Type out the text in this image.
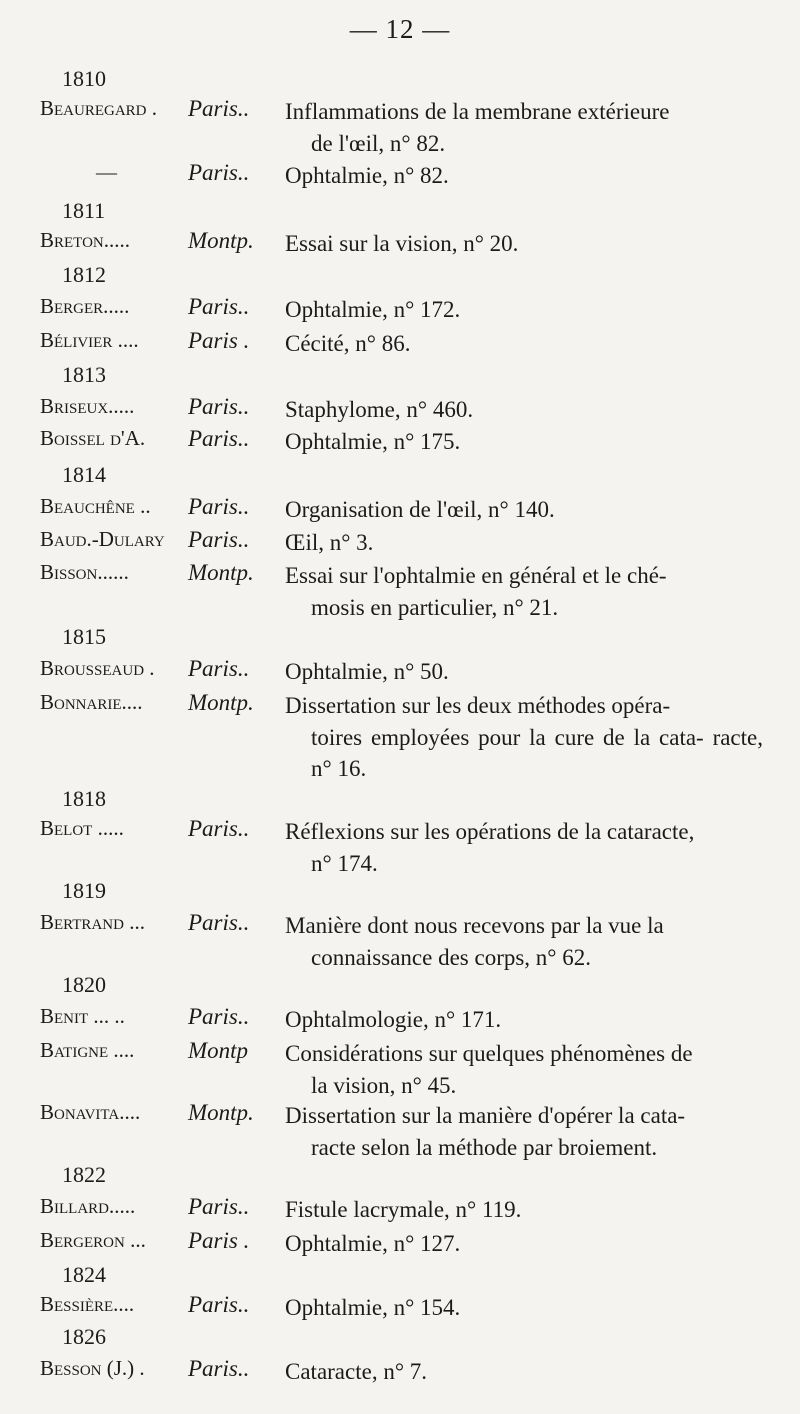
— 12 —
1810
Beauregard .	Paris..	Inflammations de la membrane extérieure
de l'œil, n° 82.
—	Paris..	Ophtalmie, n° 82.
1811
Breton.....	Montp.	Essai sur la vision, n° 20.
1812
Berger.....	Paris..	Ophtalmie, n° 172.
Bélivier ....	Paris .	Cécité, n° 86.
1813
Briseux.....	Paris..	Staphylome, n° 460.
Boissel d'A.	Paris..	Ophtalmie, n° 175.
1814
Beauchêne ..	Paris..	Organisation de l'œil, n° 140.
Baud.-Dulary	Paris..	Œil, n° 3.
Bisson......	Montp.	Essai sur l'ophtalmie en général et le ché-
mosis en particulier, n° 21.
1815
Brousseaud .	Paris..	Ophtalmie, n° 50.
Bonnarie....	Montp.	Dissertation sur les deux méthodes opéra-
toires employées pour la cure de la cata- racte, n° 16.
1818
Belot .....	Paris..	Réflexions sur les opérations de la cataracte,
n° 174.
1819
Bertrand ...	Paris..	Manière dont nous recevons par la vue la
connaissance des corps, n° 62.
1820
Benit ... ..	Paris..	Ophtalmologie, n° 171.
Batigne ....	Montp	Considérations sur quelques phénomènes de
la vision, n° 45.
Bonavita....	Montp.	Dissertation sur la manière d'opérer la cata-
racte selon la méthode par broiement.
1822
Billard.....	Paris..	Fistule lacrymale, n° 119.
Bergeron ...	Paris .	Ophtalmie, n° 127.
1824
Bessière....	Paris..	Ophtalmie, n° 154.
1826
Besson (J.) .	Paris..	Cataracte, n° 7.
